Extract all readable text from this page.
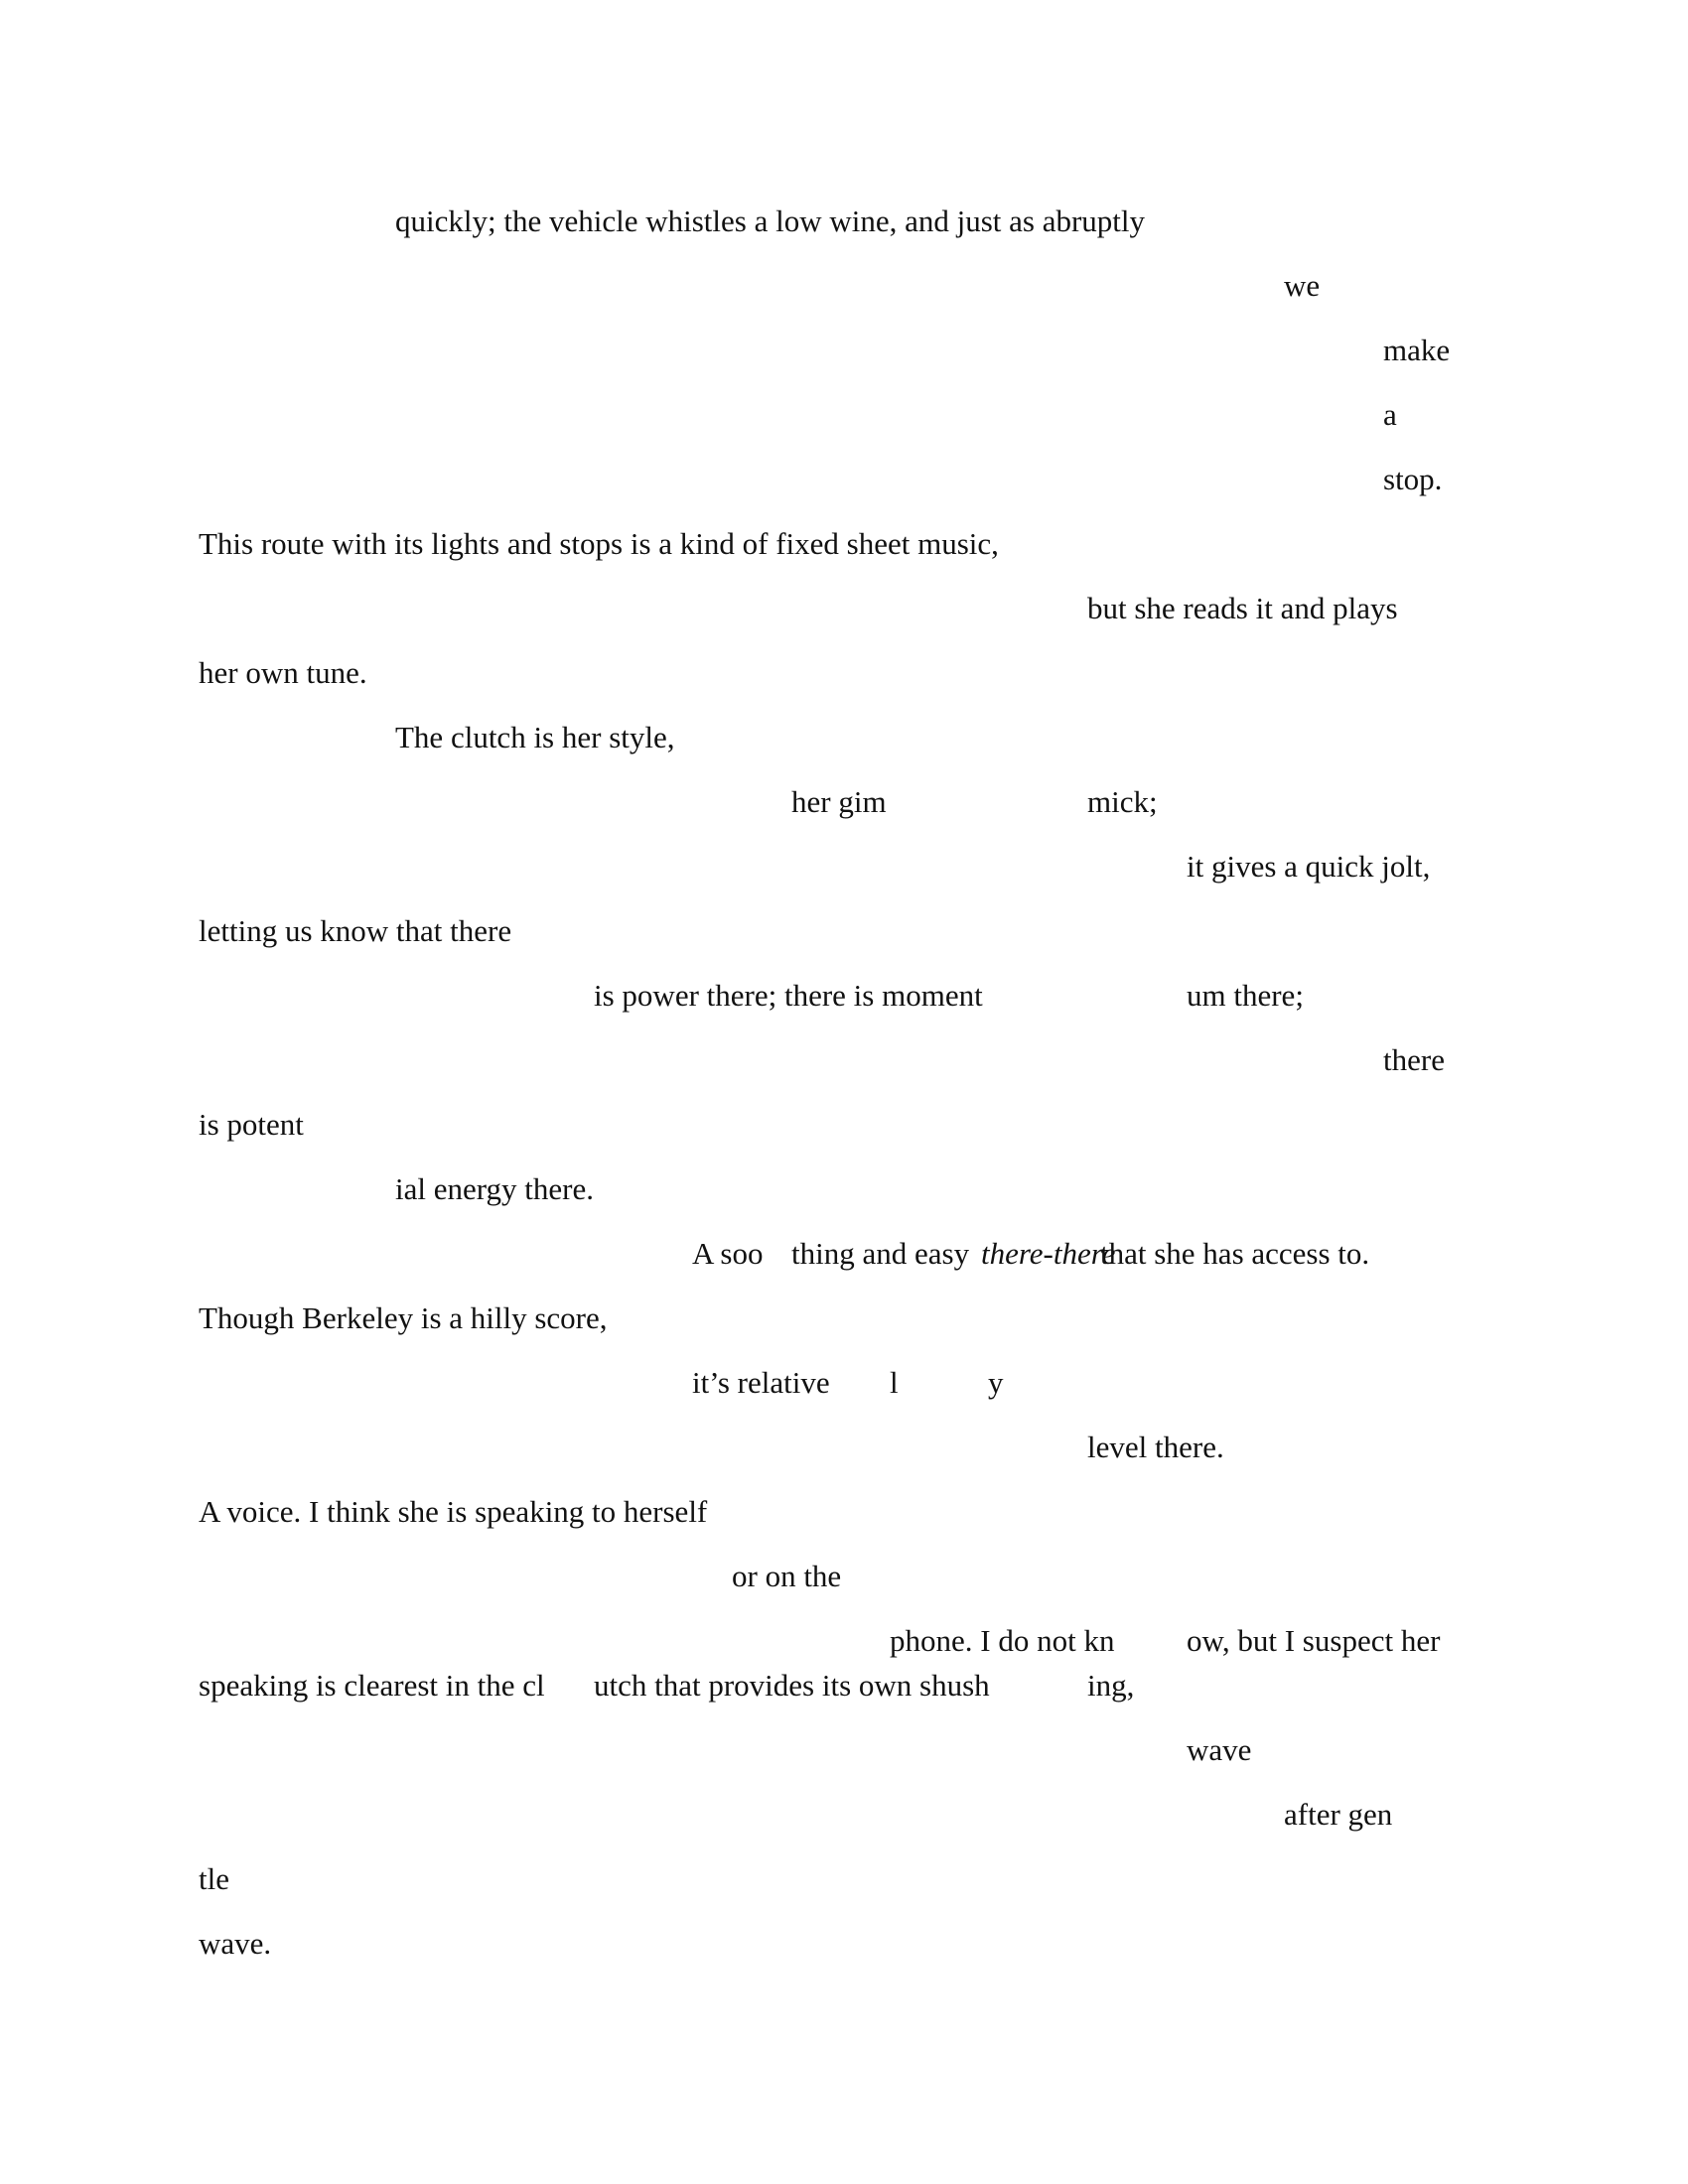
quickly; the vehicle whistles a low wine, and just as abruptly
we
make
a
stop.
This route with its lights and stops is a kind of fixed sheet music,
but she reads it and plays
her own tune.
The clutch is her style,
her gim	mick;
it gives a quick jolt,
letting us know that there
is power there; there is moment	um there;
there
is potent
ial energy there.
A soo thing and easy there-there
that she has access to.
Though Berkeley is a hilly score,
it’s relative l	y
level there.
A voice. I think she is speaking to herself
or on the
phone. I do not kn ow, but I suspect her
speaking is clearest in the cl utch that provides its own shush	ing,
wave
after gen
tle
wave.
